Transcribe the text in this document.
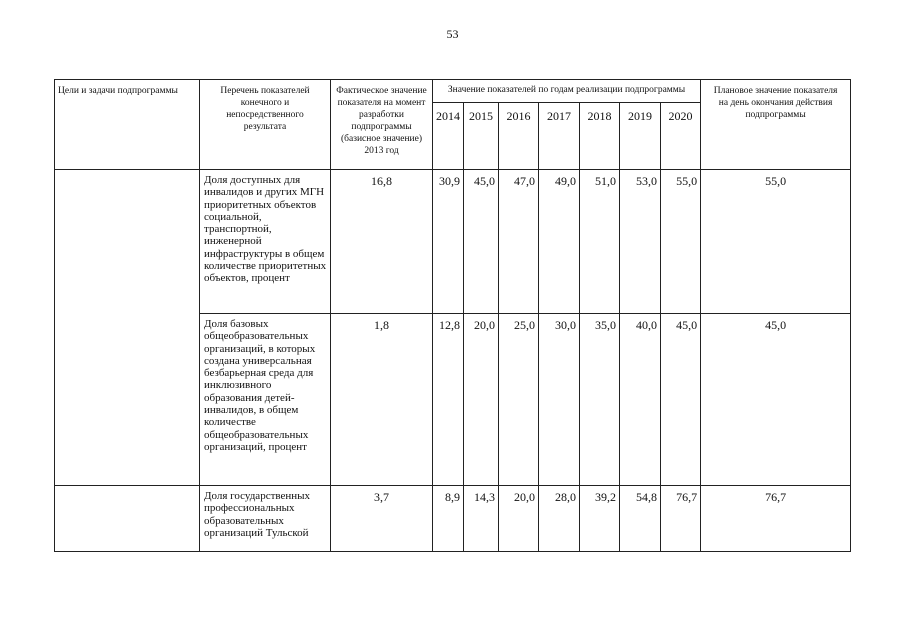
53
Цели и задачи подпрограммы	Перечень показателей конечного и непосредственного результата	Фактическое значение показателя на момент разработки подпрограммы (базисное значение) 2013 год	Значение показателей по годам реализации подпрограммы							Плановое значение показателя на день окончания действия подпрограммы

			2014	2015	2016	2017	2018	2019	2020	
	Доля доступных для инвалидов и других МГН приоритетных объектов социальной, транспортной, инженерной инфраструктуры в общем количестве приоритетных объектов, процент	16,8	30,9	45,0	47,0	49,0	51,0	53,0	55,0	55,0
	Доля базовых общеобразовательных организаций, в которых создана универсальная безбарьерная среда для инклюзивного образования детей-инвалидов, в общем количестве общеобразовательных организаций, процент	1,8	12,8	20,0	25,0	30,0	35,0	40,0	45,0	45,0
	Доля государственных профессиональных образовательных организаций Тульской	3,7	8,9	14,3	20,0	28,0	39,2	54,8	76,7	76,7
